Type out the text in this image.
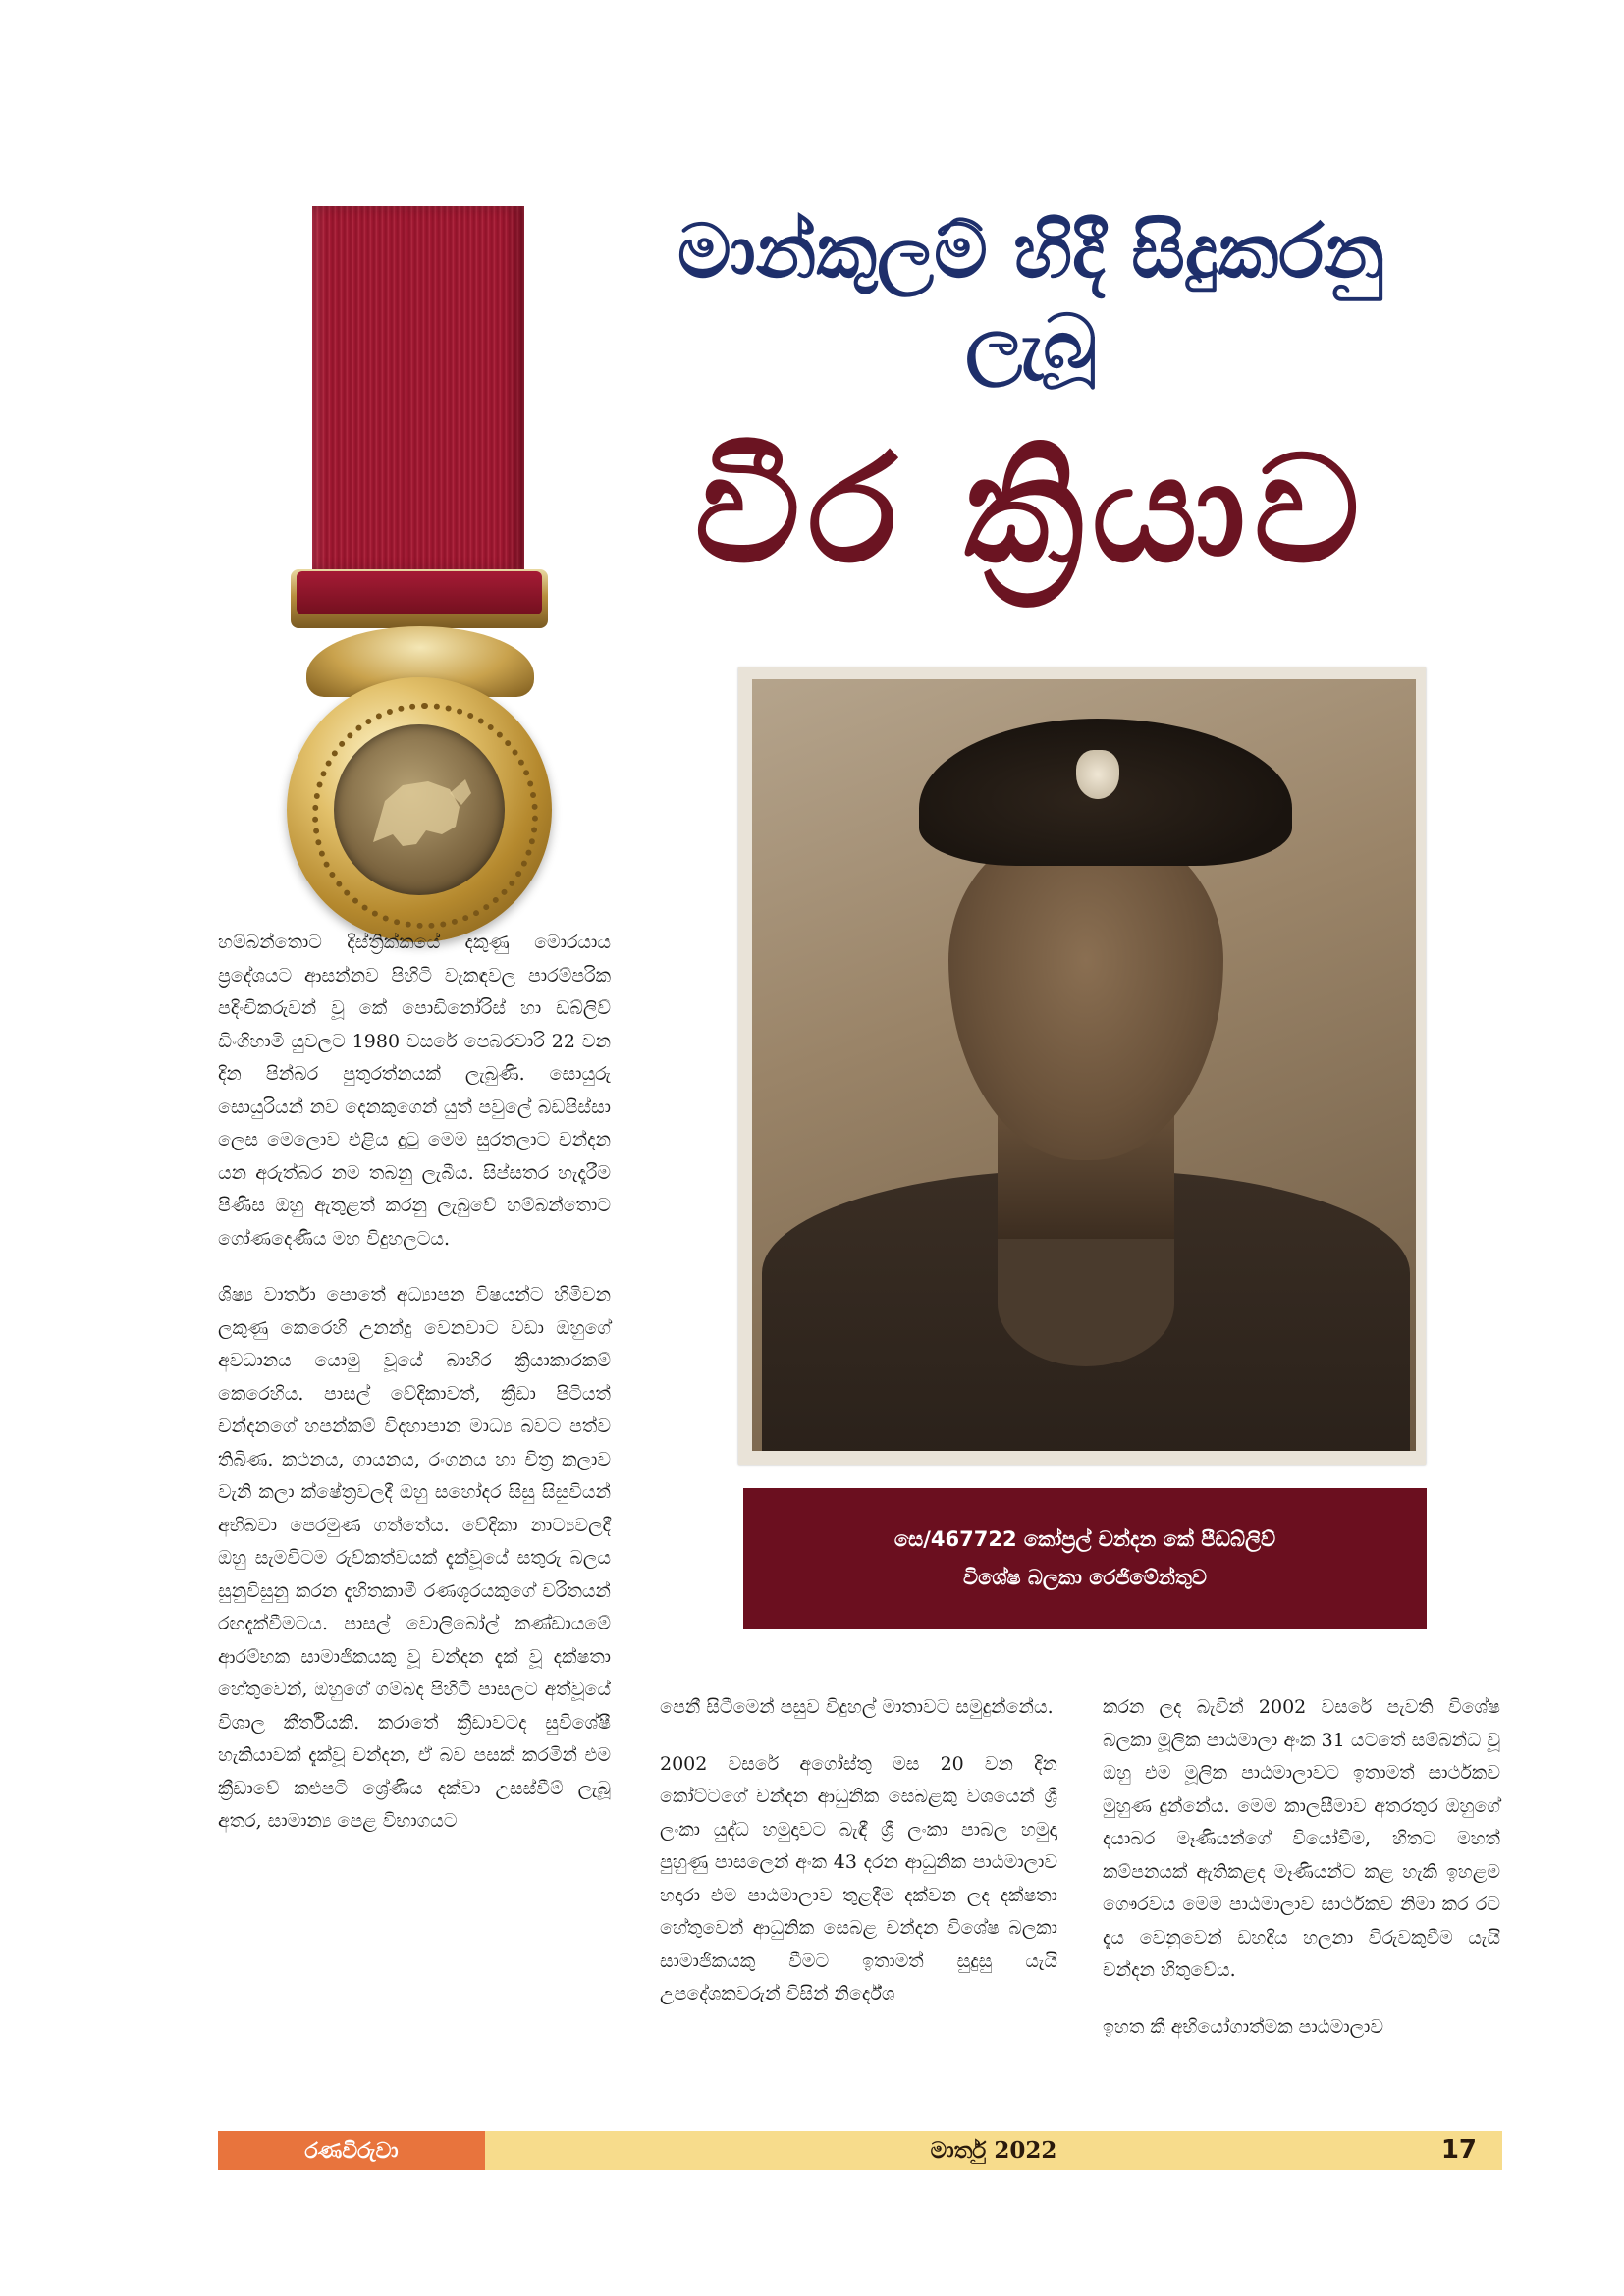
මාන්කුලම් හිදී සිදුකරනු
ලැබූ
වීර ක්‍රියාව
සෙ/467722 කෝප්‍රල් චන්දන කේ පීඩබ්ලිව්
විශේෂ බලකා රෙජිමේන්තුව

හම්බන්තොට දිස්ත්‍රික්කයේ දකුණු මොරයාය ප්‍රදේශයට ආසන්නව පිහිටි වැකඳවල පාරම්පරික පදිංචිකරුවන් වූ කේ පොඩිනෝරිස් හා ඩබ්ලිව් ඩිංගිහාමි යුවලට 1980 වසරේ පෙබරවාරි 22 වන දින පින්බර පුතුරත්නයක් ලැබුණි. සොයුරු සොයුරියන් නව දෙනකුගෙන් යුත් පවුලේ බඩපිස්සා ලෙස මෙලොව එළිය දුටු මෙම සුරතලාට චන්දන යන අරුත්බර නම තබනු ලැබීය. සිප්සතර හැදෑරීම පිණිස ඔහු ඇතුළත් කරනු ලැබුවේ හම්බන්තොට ගෝණදෙණිය මහ විදුහලටය.

ශිෂ්‍ය වාර්තා පොතේ අධ්‍යාපන විෂයන්ට හිමිවන ලකුණු කෙරෙහි උනන්දු වෙනවාට වඩා ඔහුගේ අවධානය යොමු වූයේ බාහිර ක්‍රියාකාරකම් කෙරෙහිය. පාසල් වේදිකාවත්, ක්‍රීඩා පිටියත් චන්දනගේ හපන්කම් විදහාපාන මාධ්‍ය බවට පත්ව තිබිණ. කථනය, ගායනය, රංගනය හා චිත්‍ර කලාව වැනි කලා ක්ෂේත්‍රවලදී ඔහු සහෝදර සිසු සිසුවියන් අභිබවා පෙරමුණ ගත්තේය. වේදිකා නාට්‍යවලදී ඔහු සැමවිටම රුව්කත්වයක් දැක්වූයේ සතුරු බලය සුනුවිසුනු කරන දැහිතකාමී රණශූරයකුගේ චරිතයන් රඟදැක්වීමටය. පාසල් වොලිබෝල් කණ්ඩායමේ ආරම්භක සාමාජිකයකු වූ චන්දන දැක් වූ දක්ෂතා හේතුවෙන්, ඔහුගේ ගම්බද පිහිටි පාසලට අත්වූයේ විශාල කීර්තියකි. කරාතේ ක්‍රීඩාවටද සුවිශේෂී හැකියාවක් දැක්වූ චන්දන, ඒ බව පසක් කරමින් එම ක්‍රීඩාවේ කළුපටි ශ්‍රේණිය දක්වා උසස්වීම් ලැබූ අතර, සාමාන්‍ය පෙළ විභාගයට

පෙනී සිටීමෙන් පසුව විදුහල් මාතාවට සමුදුන්නේය.

2002 වසරේ අගෝස්තු මස 20 වන දින කෝට්ටගේ චන්දන ආධුනික සෙබළකු වශයෙන් ශ්‍රී ලංකා යුද්ධ හමුදාවට බැඳී ශ්‍රී ලංකා පාබල හමුදා පුහුණු පාසලෙන් අංක 43 දරන ආධුනික පාඨමාලාව හදාරා එම පාඨමාලාව තුළදීම දක්වන ලද දක්ෂතා හේතුවෙන් ආධුනික සෙබළ චන්දන විශේෂ බලකා සාමාජිකයකු වීමට ඉතාමත් සුදුසු යැයි උපදේශකවරුන් විසින් නිර්දේශ

කරන ලද බැවින් 2002 වසරේ පැවති විශේෂ බලකා මූලික පාඨමාලා අංක 31 යටතේ සම්බන්ධ වූ ඔහු එම මූලික පාඨමාලාවට ඉතාමත් සාර්ථකව මුහුණ දුන්නේය. මෙම කාලසීමාව අතරතුර ඔහුගේ දයාබර මෑණියන්ගේ වියෝවීම, හිතට මහත් කම්පනයක් ඇතිකළද මෑණියන්ට කළ හැකි ඉහළම ගෞරවය මෙම පාඨමාලාව සාර්ථකව නිමා කර රට දැය වෙනුවෙන් ඩහදිය හලනා විරුවකුවීම යැයි චන්දන හිතුවේය.

ඉහත කී අභියෝගාත්මක පාඨමාලාව

රණවිරුවා	මාර්තු 2022	17
